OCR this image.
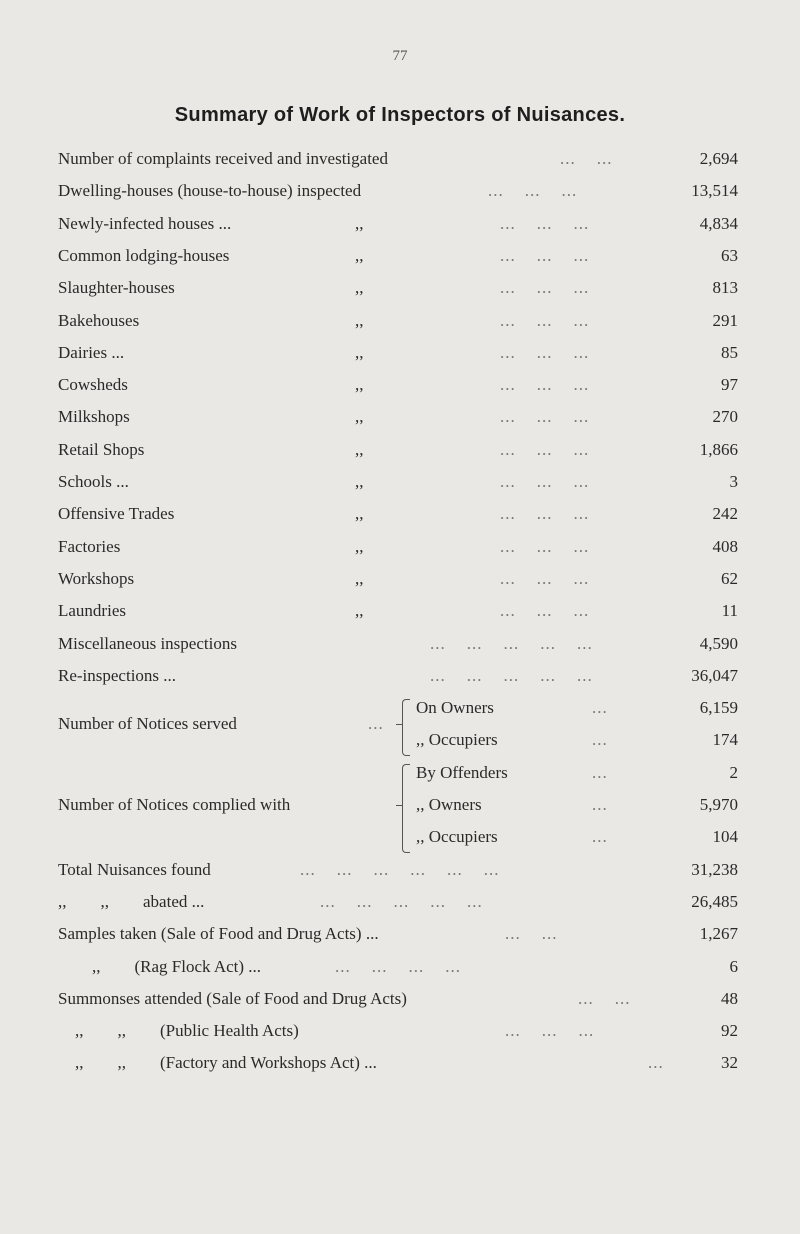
77
Summary of Work of Inspectors of Nuisances.
Number of complaints received and investigated	...    ...	2,694
Dwelling-houses (house-to-house) inspected	...    ...    ...	13,514
Newly-infected houses ...	,,	...    ...    ...	4,834
Common lodging-houses	,,	...    ...    ...	63
Slaughter-houses	,,	...    ...    ...	813
Bakehouses	,,	...    ...    ...	291
Dairies ...	,,	...    ...    ...	85
Cowsheds	,,	...    ...    ...	97
Milkshops	,,	...    ...    ...	270
Retail Shops	,,	...    ...    ...	1,866
Schools ...	,,	...    ...    ...	3
Offensive Trades	,,	...    ...    ...	242
Factories	,,	...    ...    ...	408
Workshops	,,	...    ...    ...	62
Laundries	,,	...    ...    ...	11
Miscellaneous inspections	...    ...    ...    ...    ...	4,590
Re-inspections ...	...    ...    ...    ...    ...	36,047
Number of Notices served	...
On Owners	...	6,159
,, Occupiers	...	174
Number of Notices complied with
By Offenders	...	2
,, Owners	...	5,970
,, Occupiers	...	104
Total Nuisances found	...    ...    ...    ...    ...    ...	31,238
,,        ,,        abated ...	...    ...    ...    ...    ...	26,485
Samples taken (Sale of Food and Drug Acts) ...	...    ...	1,267
,,        (Rag Flock Act) ...	...    ...    ...    ...	6
Summonses attended (Sale of Food and Drug Acts)	...    ...	48
,,        ,,        (Public Health Acts)	...    ...    ...	92
,,        ,,        (Factory and Workshops Act) ...	...	32
